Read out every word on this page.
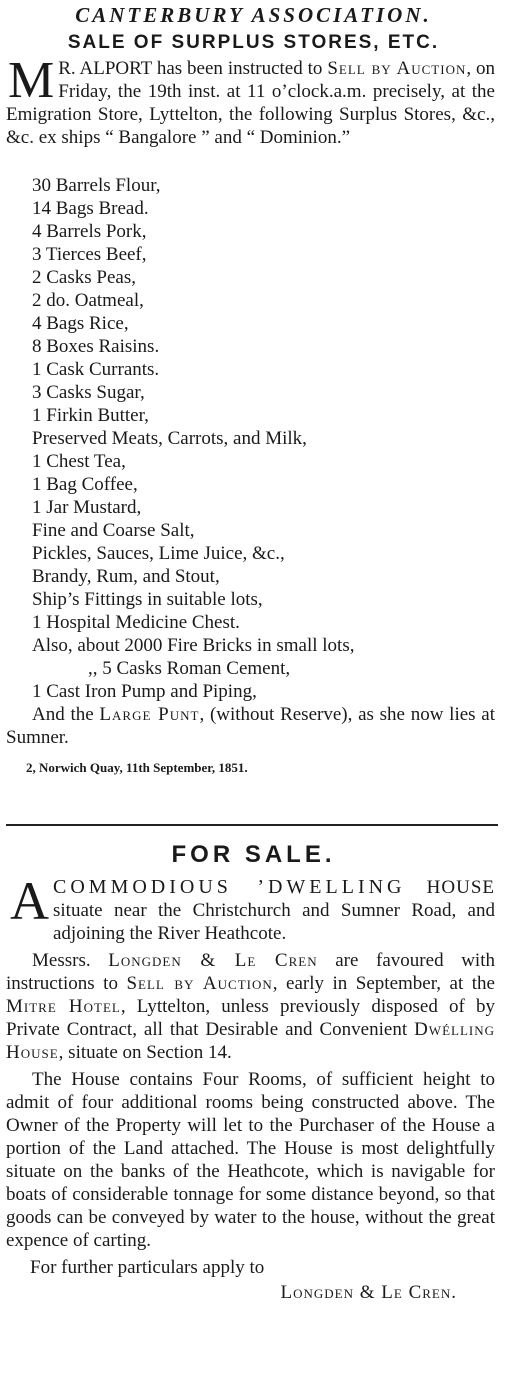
CANTERBURY ASSOCIATION.
SALE OF SURPLUS STORES, ETC.

M R. ALPORT has been instructed to Sell by Auction, on Friday, the 19th inst. at 11 o’clock.a.m. precisely, at the Emigration Store, Lyttelton, the following Surplus Stores, &c., &c. ex ships “ Bangalore ” and “ Dominion.”

30 Barrels Flour,
14 Bags Bread.
4 Barrels Pork,
3 Tierces Beef,
2 Casks Peas,
2 do. Oatmeal,
4 Bags Rice,
8 Boxes Raisins.
1 Cask Currants.
3 Casks Sugar,
1 Firkin Butter,
Preserved Meats, Carrots, and Milk,
1 Chest Tea,
1 Bag Coffee,
1 Jar Mustard,
Fine and Coarse Salt,
Pickles, Sauces, Lime Juice, &c.,
Brandy, Rum, and Stout,
Ship’s Fittings in suitable lots,
1 Hospital Medicine Chest.
Also, about 2000 Fire Bricks in small lots,
,, 5 Casks Roman Cement,
1 Cast Iron Pump and Piping,

And the Large Punt, (without Reserve), as she now lies at Sumner.

2, Norwich Quay, 11th September, 1851.

FOR SALE.

ACOMMODIOUS ’DWELLING HOUSE situate near the Christchurch and Sumner Road, and adjoining the River Heathcote.

Messrs. Longden & Le Cren are favoured with instructions to Sell by Auction, early in September, at the Mitre Hotel, Lyttelton, unless previously disposed of by Private Contract, all that Desirable and Convenient Dwélling House, situate on Section 14.

The House contains Four Rooms, of sufficient height to admit of four additional rooms being constructed above. The Owner of the Property will let to the Purchaser of the House a portion of the Land attached. The House is most delightfully situate on the banks of the Heathcote, which is navigable for boats of considerable tonnage for some distance beyond, so that goods can be conveyed by water to the house, without the great expence of carting.

For further particulars apply to

Longden & Le Cren.
